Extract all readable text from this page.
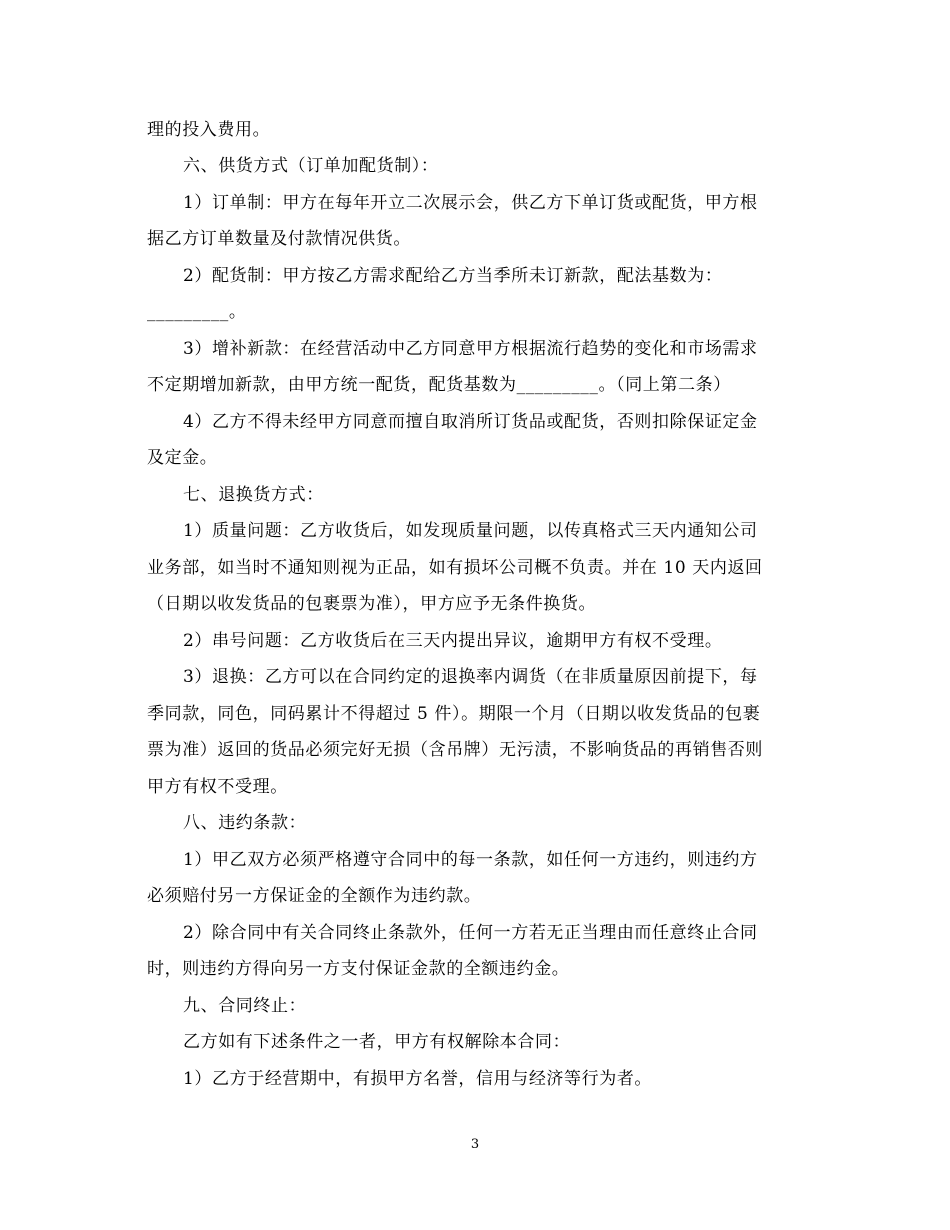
理的投入费用。
六、供货方式（订单加配货制）：
1）订单制：甲方在每年开立二次展示会，供乙方下单订货或配货，甲方根
据乙方订单数量及付款情况供货。
2）配货制：甲方按乙方需求配给乙方当季所未订新款，配法基数为：
_________。
3）增补新款：在经营活动中乙方同意甲方根据流行趋势的变化和市场需求
不定期增加新款，由甲方统一配货，配货基数为_________。（同上第二条）
4）乙方不得未经甲方同意而擅自取消所订货品或配货，否则扣除保证定金
及定金。
七、退换货方式：
1）质量问题：乙方收货后，如发现质量问题，以传真格式三天内通知公司
业务部，如当时不通知则视为正品，如有损坏公司概不负责。并在 10 天内返回
（日期以收发货品的包裹票为准），甲方应予无条件换货。
2）串号问题：乙方收货后在三天内提出异议，逾期甲方有权不受理。
3）退换：乙方可以在合同约定的退换率内调货（在非质量原因前提下，每
季同款，同色，同码累计不得超过 5 件）。期限一个月（日期以收发货品的包裹
票为准）返回的货品必须完好无损（含吊牌）无污渍，不影响货品的再销售否则
甲方有权不受理。
八、违约条款：
1）甲乙双方必须严格遵守合同中的每一条款，如任何一方违约，则违约方
必须赔付另一方保证金的全额作为违约款。
2）除合同中有关合同终止条款外，任何一方若无正当理由而任意终止合同
时，则违约方得向另一方支付保证金款的全额违约金。
九、合同终止：
乙方如有下述条件之一者，甲方有权解除本合同：
1）乙方于经营期中，有损甲方名誉，信用与经济等行为者。
3
